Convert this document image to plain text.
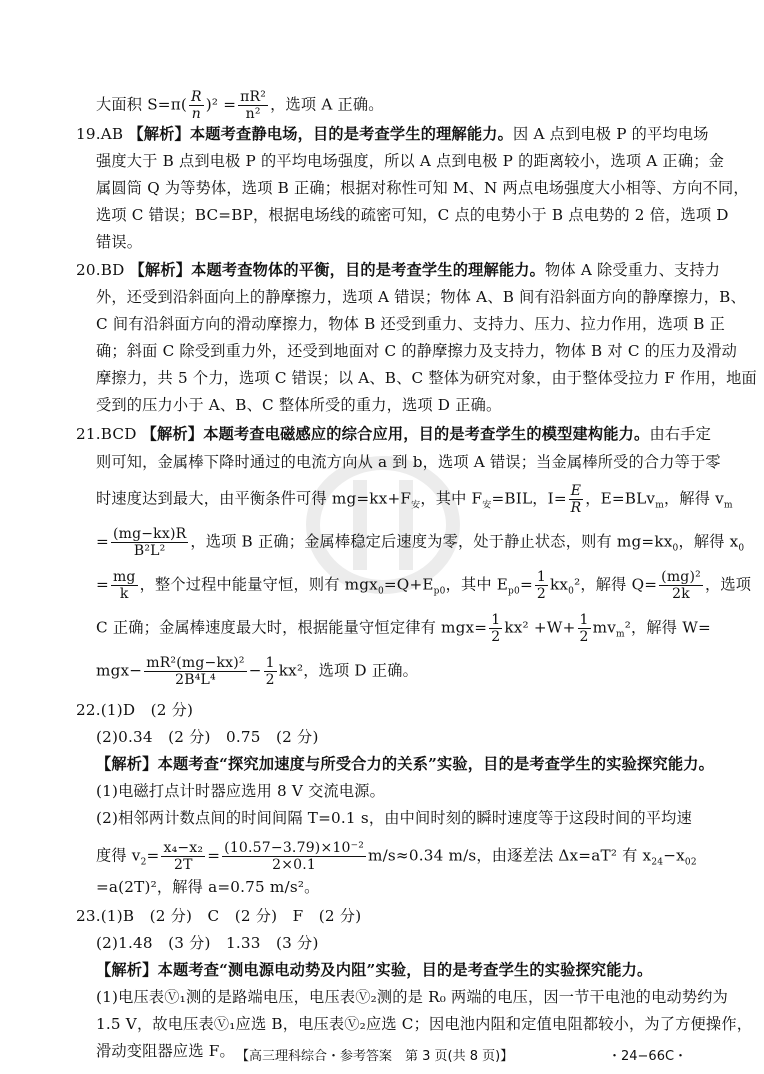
大面积 $S=\pi( \frac{R}{n} )^2 = \frac{\text{πR²}}{\text{n²}}$ ，选项 A 正确。
19.AB 【解析】本题考查静电场，目的是考查学生的理解能力。因 A 点到电极 P 的平均电场
强度大于 B 点到电极 P 的平均电场强度，所以 A 点到电极 P 的距离较小，选项 A 正确；金
属圆筒 Q 为等势体，选项 B 正确；根据对称性可知 M、N 两点电场强度大小相等、方向不同，
选项 C 错误；BC=BP，根据电场线的疏密可知，C 点的电势小于 B 点电势的 2 倍，选项 D
错误。
20.BD 【解析】本题考查物体的平衡，目的是考查学生的理解能力。物体 A 除受重力、支持力
外，还受到沿斜面向上的静摩擦力，选项 A 错误；物体 A、B 间有沿斜面方向的静摩擦力，B、
C 间有沿斜面方向的滑动摩擦力，物体 B 还受到重力、支持力、压力、拉力作用，选项 B 正
确；斜面 C 除受到重力外，还受到地面对 C 的静摩擦力及支持力，物体 B 对 C 的压力及滑动
摩擦力，共 5 个力，选项 C 错误；以 A、B、C 整体为研究对象，由于整体受拉力 F 作用，地面
受到的压力小于 A、B、C 整体所受的重力，选项 D 正确。
21.BCD 【解析】本题考查电磁感应的综合应用，目的是考查学生的模型建构能力。由右手定
则可知，金属棒下降时通过的电流方向从 a 到 b，选项 A 错误；当金属棒所受的合力等于零
时速度达到最大，由平衡条件可得 $mg=kx+F_安$，其中 $F_安=BIL$，$I= \frac{E}{R}$ ，E=BLv$_m$，解得 $v_m$
= $\frac{(mg-kx)R}{\text{B²L²}}$ ，选项 B 正确；金属棒稳定后速度为零，处于静止状态，则有 $mg=kx_0$，解得 $x_0$
= $\frac{mg}{k}$ ，整个过程中能量守恒，则有 $mgx_0=Q+E_{p0}$，其中 $E_{p0}= \frac{1}{2} kx_0^2$，解得 $Q= \frac{\text{(mg)²}}{2k}$ ，选项
C 正确；金属棒速度最大时，根据能量守恒定律有 $mgx= \frac{1}{2} kx^2 +W+ \frac{1}{2} mv_m^2$，解得 W=
$mgx- \frac{\text{mR²(mg−kx)²}}{\text{2B⁴L⁴}} - \frac{1}{2} kx^2$，选项 D 正确。
22.(1)D　(2 分)
(2)0.34　(2 分)　0.75　(2 分)
【解析】本题考查“探究加速度与所受合力的关系”实验，目的是考查学生的实验探究能力。
(1)电磁打点计时器应选用 8 V 交流电源。
(2)相邻两计数点间的时间间隔 T=0.1 s，由中间时刻的瞬时速度等于这段时间的平均速
度得 $v_2= \frac{\text{x₄−x₂}}{2T} = \frac{\text{(10.57−3.79)×10⁻²}}{2\times 0.1} m/s\approx 0.34$ m/s，由逐差法 Δx=aT² 有 $x_{24}-x_{02}$
=a(2T)²，解得 a=0.75 m/s²。
23.(1)B　(2 分)　C　(2 分)　F　(2 分)
(2)1.48　(3 分)　1.33　(3 分)
【解析】本题考查“测电源电动势及内阻”实验，目的是考查学生的实验探究能力。
(1)电压表Ⓥ₁测的是路端电压，电压表Ⓥ₂测的是 R₀ 两端的电压，因一节干电池的电动势约为
1.5 V，故电压表Ⓥ₁应选 B，电压表Ⓥ₂应选 C；因电池内阻和定值电阻都较小，为了方便操作，
滑动变阻器应选 F。 【高三理科综合・参考答案　第 3 页(共 8 页)】	・24−66C・
